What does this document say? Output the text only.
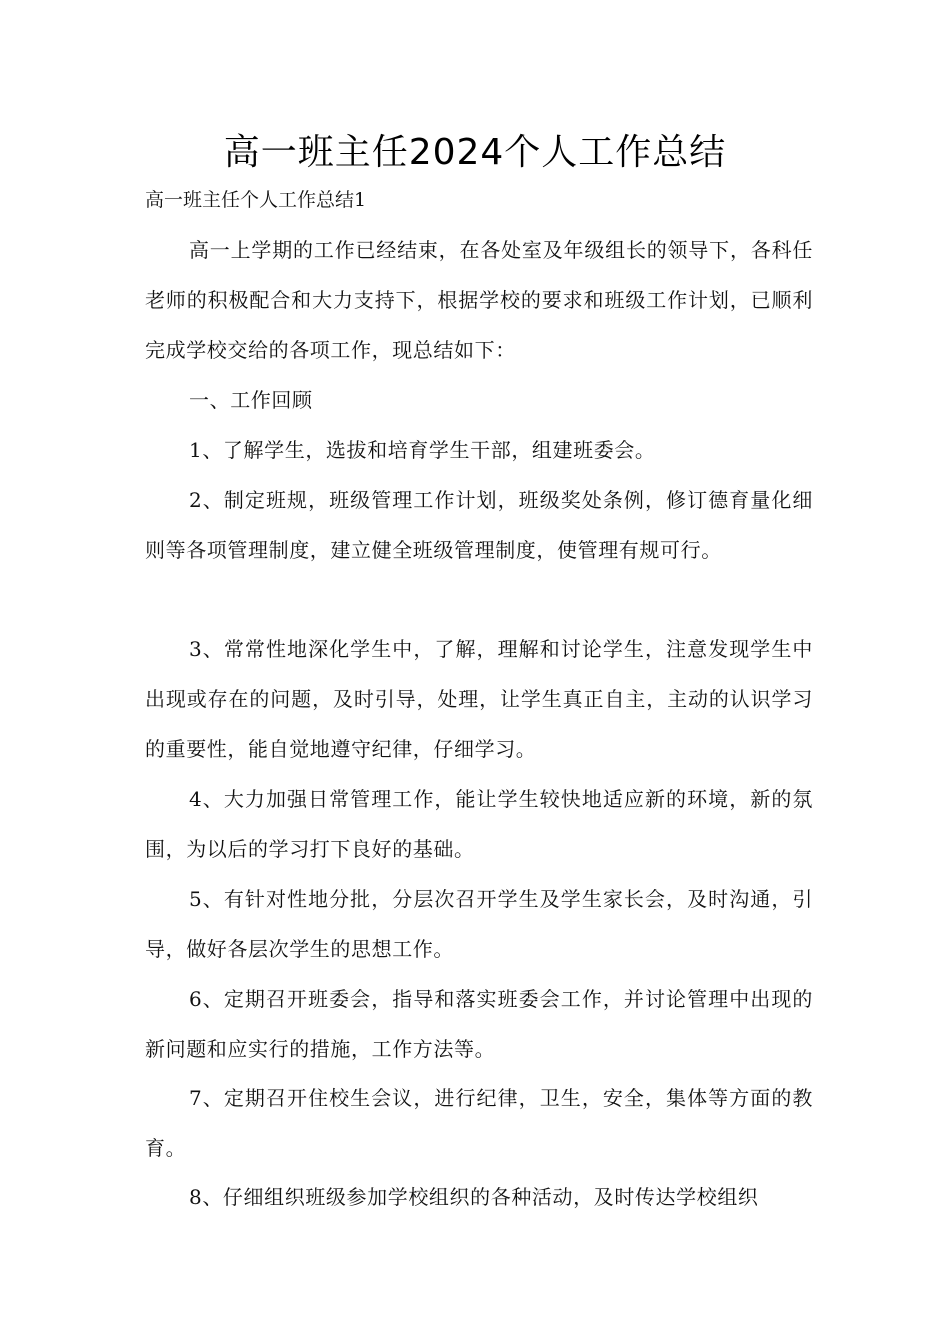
高一班主任2024个人工作总结

高一班主任个人工作总结1

高一上学期的工作已经结束，在各处室及年级组长的领导下，各科任老师的积极配合和大力支持下，根据学校的要求和班级工作计划，已顺利完成学校交给的各项工作，现总结如下：

一、工作回顾

1、了解学生，选拔和培育学生干部，组建班委会。

2、制定班规，班级管理工作计划，班级奖处条例，修订德育量化细则等各项管理制度，建立健全班级管理制度，使管理有规可行。

3、常常性地深化学生中，了解，理解和讨论学生，注意发现学生中出现或存在的问题，及时引导，处理，让学生真正自主，主动的认识学习的重要性，能自觉地遵守纪律，仔细学习。

4、大力加强日常管理工作，能让学生较快地适应新的环境，新的氛围，为以后的学习打下良好的基础。

5、有针对性地分批，分层次召开学生及学生家长会，及时沟通，引导，做好各层次学生的思想工作。

6、定期召开班委会，指导和落实班委会工作，并讨论管理中出现的新问题和应实行的措施，工作方法等。

7、定期召开住校生会议，进行纪律，卫生，安全，集体等方面的教育。

8、仔细组织班级参加学校组织的各种活动，及时传达学校组织
